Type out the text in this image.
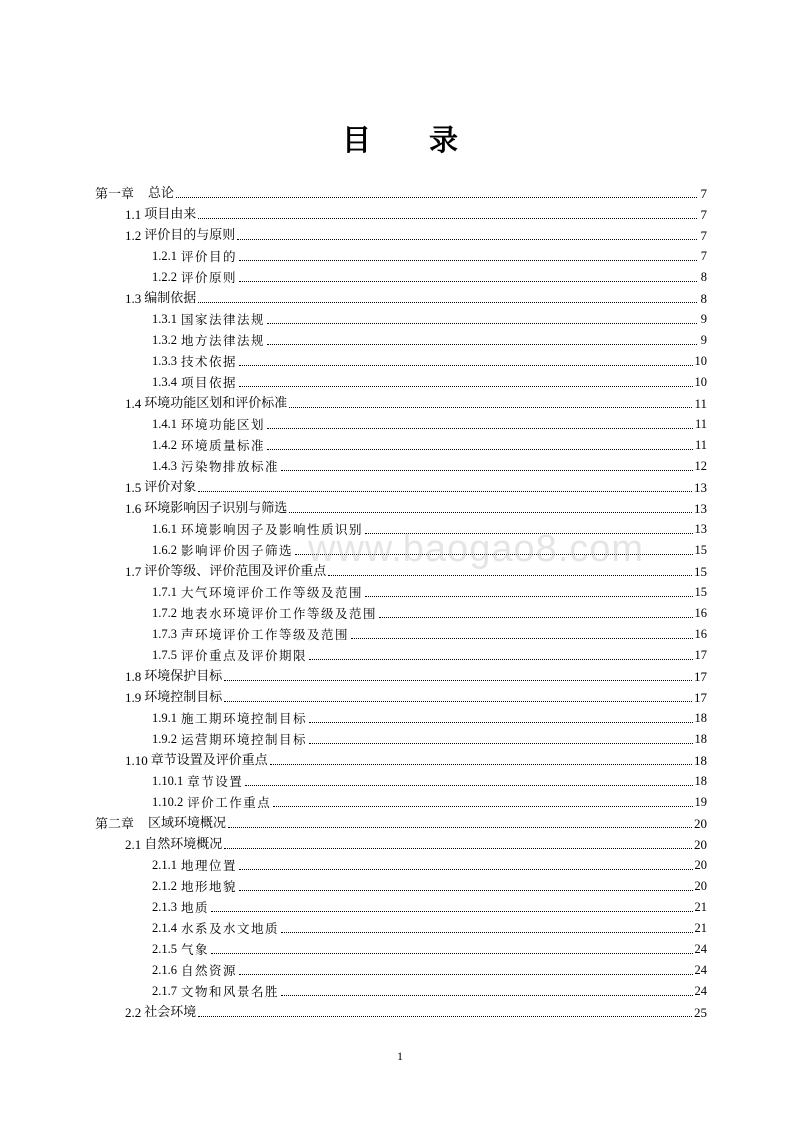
目 录
第一章 总论	7
1.1 项目由来	7
1.2 评价目的与原则	7
1.2.1 评价目的	7
1.2.2 评价原则	8
1.3 编制依据	8
1.3.1 国家法律法规	9
1.3.2 地方法律法规	9
1.3.3 技术依据	10
1.3.4 项目依据	10
1.4 环境功能区划和评价标准	11
1.4.1 环境功能区划	11
1.4.2 环境质量标准	11
1.4.3 污染物排放标准	12
1.5 评价对象	13
1.6 环境影响因子识别与筛选	13
1.6.1 环境影响因子及影响性质识别	13
1.6.2 影响评价因子筛选	15
1.7 评价等级、评价范围及评价重点	15
1.7.1 大气环境评价工作等级及范围	15
1.7.2 地表水环境评价工作等级及范围	16
1.7.3 声环境评价工作等级及范围	16
1.7.5 评价重点及评价期限	17
1.8 环境保护目标	17
1.9 环境控制目标	17
1.9.1 施工期环境控制目标	18
1.9.2 运营期环境控制目标	18
1.10 章节设置及评价重点	18
1.10.1 章节设置	18
1.10.2 评价工作重点	19
第二章 区域环境概况	20
2.1 自然环境概况	20
2.1.1 地理位置	20
2.1.2 地形地貌	20
2.1.3 地质	21
2.1.4 水系及水文地质	21
2.1.5 气象	24
2.1.6 自然资源	24
2.1.7 文物和风景名胜	24
2.2 社会环境	25
www.baogao8.com
1
